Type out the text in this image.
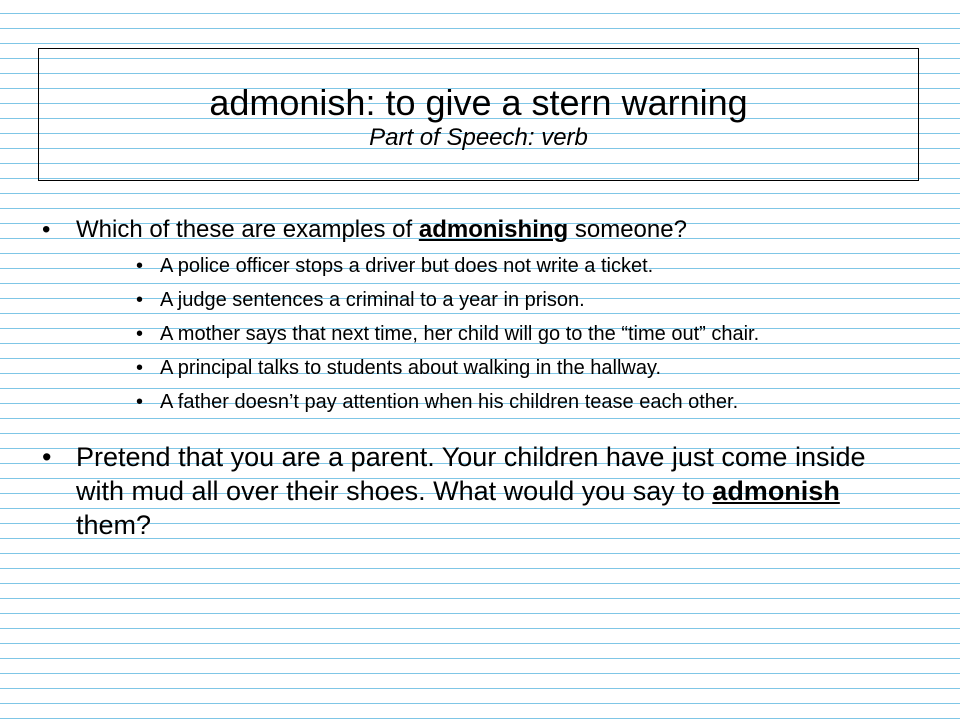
admonish: to give a stern warning
Part of Speech: verb
• Which of these are examples of admonishing someone?
• A police officer stops a driver but does not write a ticket.
• A judge sentences a criminal to a year in prison.
• A mother says that next time, her child will go to the “time out” chair.
• A principal talks to students about walking in the hallway.
• A father doesn’t pay attention when his children tease each other.
• Pretend that you are a parent. Your children have just come inside with mud all over their shoes. What would you say to admonish them?
